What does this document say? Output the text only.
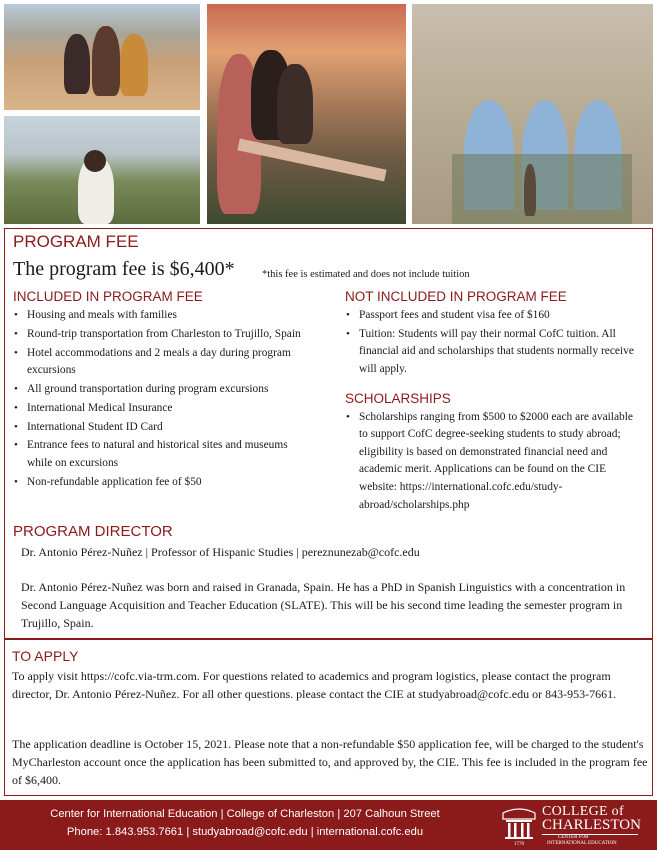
PROGRAM FEE
The program fee is $6,400*	*this fee is estimated and does not include tuition
INCLUDED IN PROGRAM FEE
• Housing and meals with families
• Round-trip transportation from Charleston to Trujillo, Spain
• Hotel accommodations and 2 meals a day during program excursions
• All ground transportation during program excursions
• International Medical Insurance
• International Student ID Card
• Entrance fees to natural and historical sites and museums while on excursions
• Non-refundable application fee of $50
NOT INCLUDED IN PROGRAM FEE
• Passport fees and student visa fee of $160
• Tuition: Students will pay their normal CofC tuition. All financial aid and scholarships that students normally receive will apply.
SCHOLARSHIPS
• Scholarships ranging from $500 to $2000 each are available to support CofC degree-seeking students to study abroad; eligibility is based on demonstrated financial need and academic merit. Applications can be found on the CIE website: https://international.cofc.edu/study-abroad/scholarships.php
PROGRAM DIRECTOR
Dr. Antonio Pérez-Nuñez | Professor of Hispanic Studies | pereznunezab@cofc.edu
Dr. Antonio Pérez-Nuñez was born and raised in Granada, Spain. He has a PhD in Spanish Linguistics with a concentration in Second Language Acquisition and Teacher Education (SLATE). This will be his second time leading the semester program in Trujillo, Spain.
TO APPLY
To apply visit https://cofc.via-trm.com. For questions related to academics and program logistics, please contact the program director, Dr. Antonio Pérez-Nuñez. For all other questions. please contact the CIE at studyabroad@cofc.edu or 843-953-7661.
The application deadline is October 15, 2021. Please note that a non-refundable $50 application fee, will be charged to the student's MyCharleston account once the application has been submitted to, and approved by, the CIE. This fee is included in the program fee of $6,400.
Center for International Education | College of Charleston | 207 Calhoun Street
Phone: 1.843.953.7661 | studyabroad@cofc.edu | international.cofc.edu
1770
COLLEGE of
CHARLESTON
CENTER FOR
INTERNATIONAL EDUCATION
